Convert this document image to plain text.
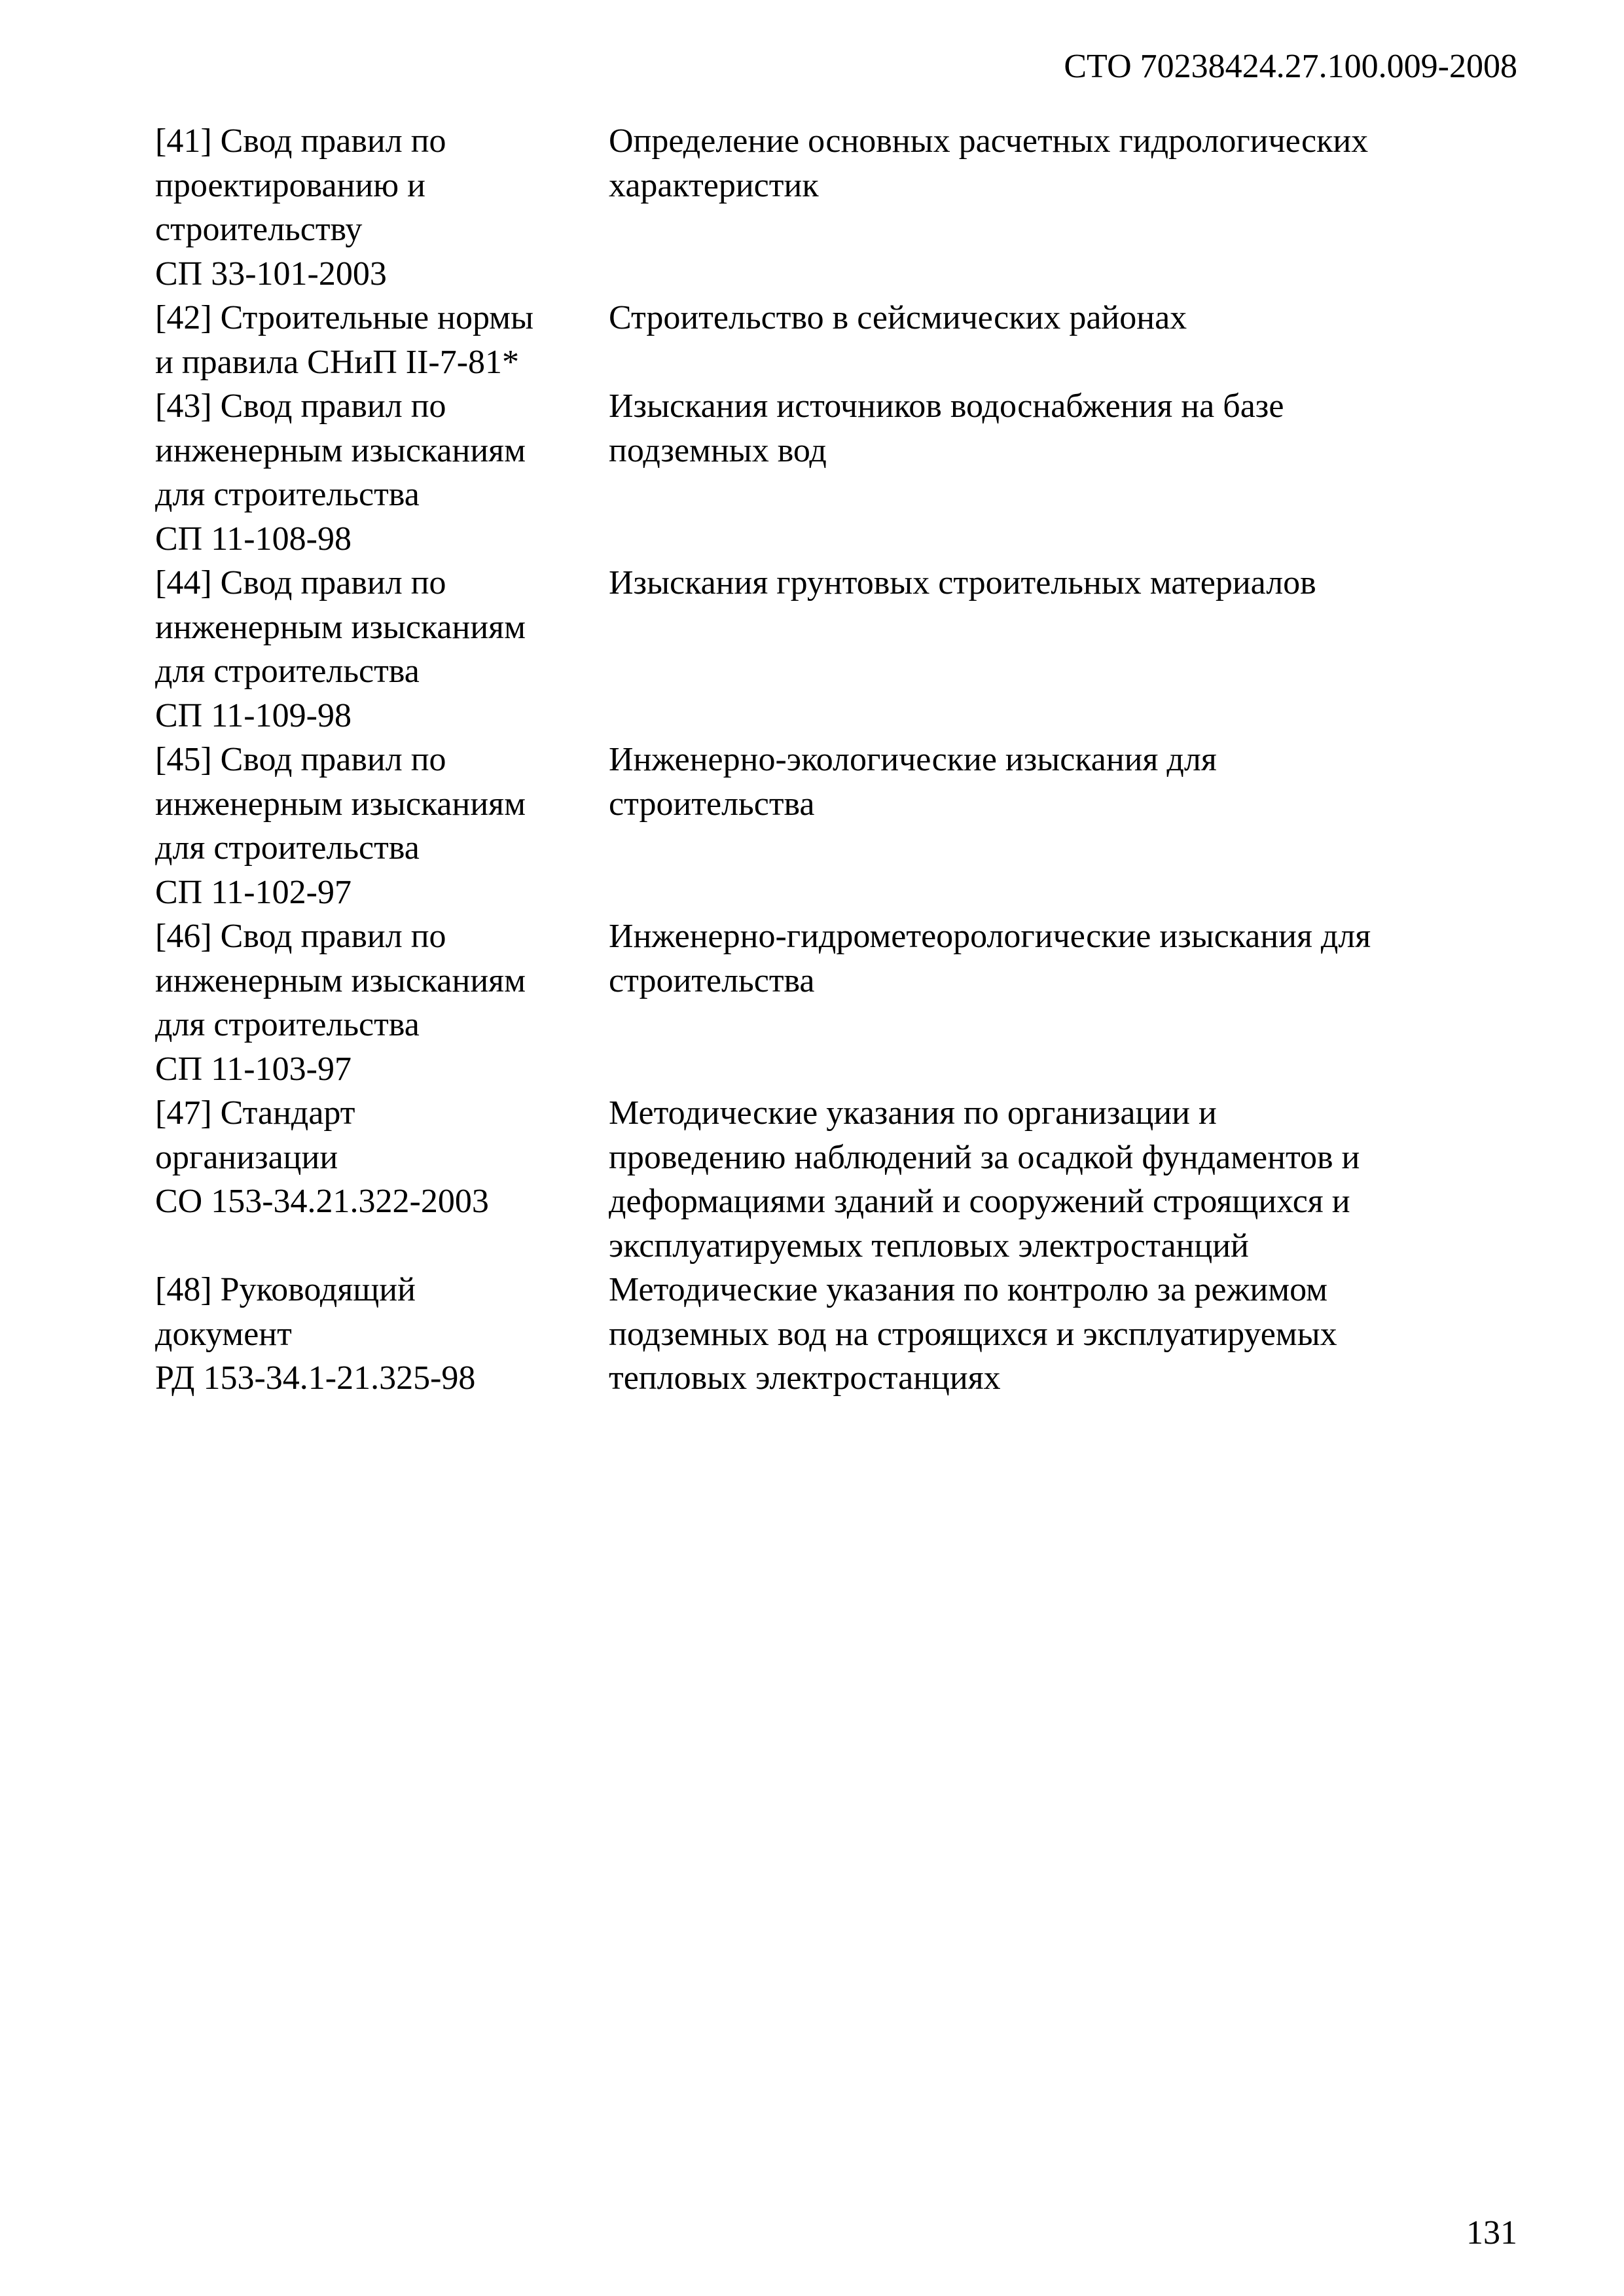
СТО 70238424.27.100.009-2008
[41] Свод правил по
проектированию и
строительству
СП 33-101-2003
Определение основных расчетных гидрологических
характеристик
[42] Строительные нормы
и правила СНиП II-7-81*
Строительство в сейсмических районах
[43] Свод правил по
инженерным изысканиям
для строительства
СП 11-108-98
Изыскания источников водоснабжения на базе
подземных вод
[44] Свод правил по
инженерным изысканиям
для строительства
СП 11-109-98
Изыскания грунтовых строительных материалов
[45] Свод правил по
инженерным изысканиям
для строительства
СП 11-102-97
Инженерно-экологические изыскания для
строительства
[46] Свод правил по
инженерным изысканиям
для строительства
СП 11-103-97
Инженерно-гидрометеорологические изыскания для
строительства
[47] Стандарт
организации
СО 153-34.21.322-2003
Методические указания по организации и
проведению наблюдений за осадкой фундаментов и
деформациями зданий и сооружений строящихся и
эксплуатируемых тепловых электростанций
[48] Руководящий
документ
РД 153-34.1-21.325-98
Методические указания по контролю за режимом
подземных вод на строящихся и эксплуатируемых
тепловых электростанциях
131
